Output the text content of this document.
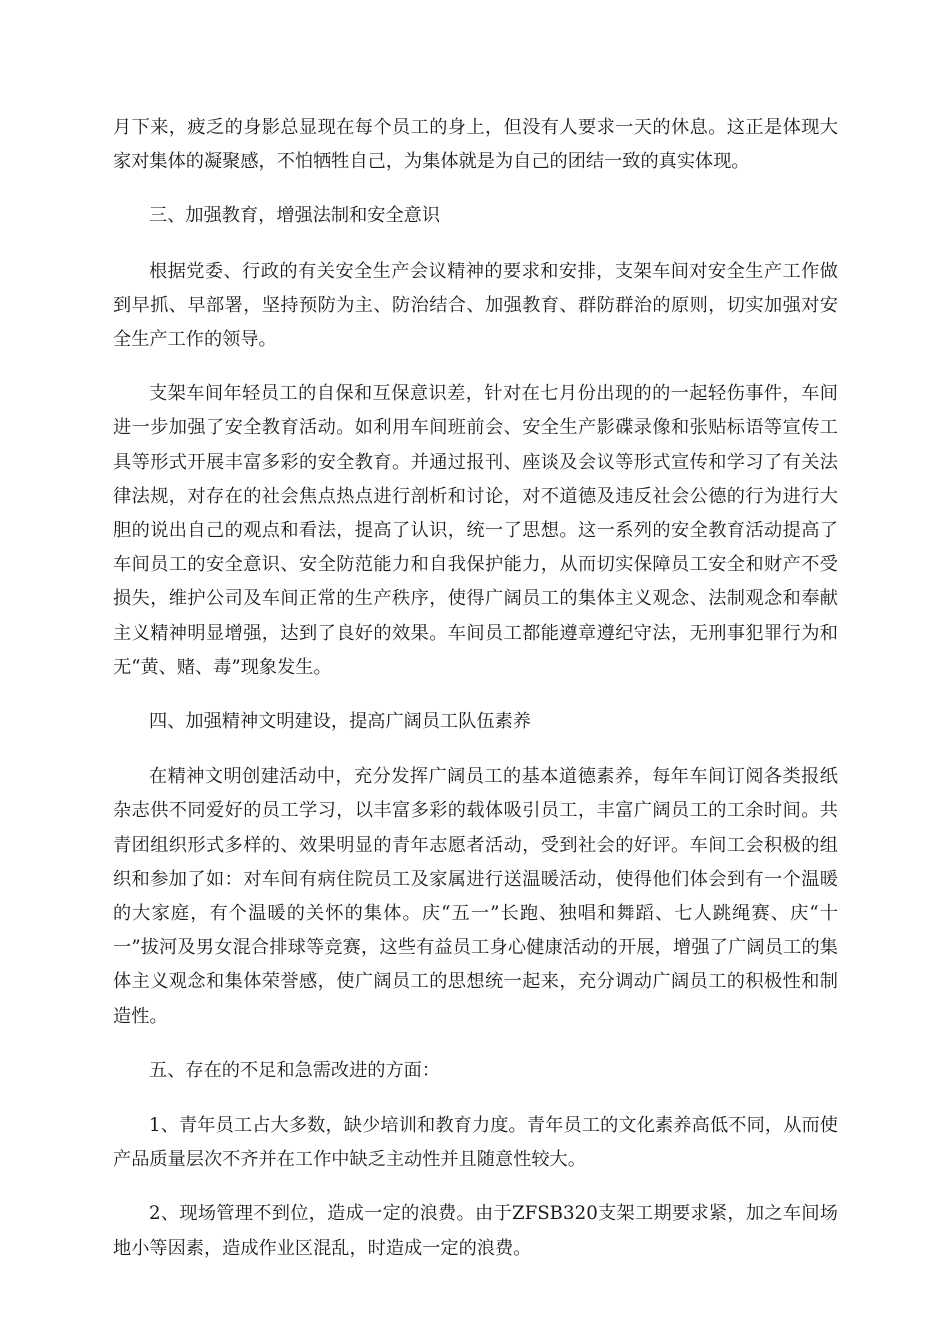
月下来，疲乏的身影总显现在每个员工的身上，但没有人要求一天的休息。这正是体现大家对集体的凝聚感，不怕牺牲自己，为集体就是为自己的团结一致的真实体现。

三、加强教育，增强法制和安全意识

根据党委、行政的有关安全生产会议精神的要求和安排，支架车间对安全生产工作做到早抓、早部署，坚持预防为主、防治结合、加强教育、群防群治的原则，切实加强对安全生产工作的领导。

支架车间年轻员工的自保和互保意识差，针对在七月份出现的的一起轻伤事件，车间进一步加强了安全教育活动。如利用车间班前会、安全生产影碟录像和张贴标语等宣传工具等形式开展丰富多彩的安全教育。并通过报刊、座谈及会议等形式宣传和学习了有关法律法规，对存在的社会焦点热点进行剖析和讨论，对不道德及违反社会公德的行为进行大胆的说出自己的观点和看法，提高了认识，统一了思想。这一系列的安全教育活动提高了车间员工的安全意识、安全防范能力和自我保护能力，从而切实保障员工安全和财产不受损失，维护公司及车间正常的生产秩序，使得广阔员工的集体主义观念、法制观念和奉献主义精神明显增强，达到了良好的效果。车间员工都能遵章遵纪守法，无刑事犯罪行为和无“黄、赌、毒”现象发生。

四、加强精神文明建设，提高广阔员工队伍素养

在精神文明创建活动中，充分发挥广阔员工的基本道德素养，每年车间订阅各类报纸杂志供不同爱好的员工学习，以丰富多彩的载体吸引员工，丰富广阔员工的工余时间。共青团组织形式多样的、效果明显的青年志愿者活动，受到社会的好评。车间工会积极的组织和参加了如：对车间有病住院员工及家属进行送温暖活动，使得他们体会到有一个温暖的大家庭，有个温暖的关怀的集体。庆“五一”长跑、独唱和舞蹈、七人跳绳赛、庆“十一”拔河及男女混合排球等竞赛，这些有益员工身心健康活动的开展，增强了广阔员工的集体主义观念和集体荣誉感，使广阔员工的思想统一起来，充分调动广阔员工的积极性和制造性。

五、存在的不足和急需改进的方面：

1、青年员工占大多数，缺少培训和教育力度。青年员工的文化素养高低不同，从而使产品质量层次不齐并在工作中缺乏主动性并且随意性较大。

2、现场管理不到位，造成一定的浪费。由于ZFSB320支架工期要求紧，加之车间场地小等因素，造成作业区混乱，时造成一定的浪费。
